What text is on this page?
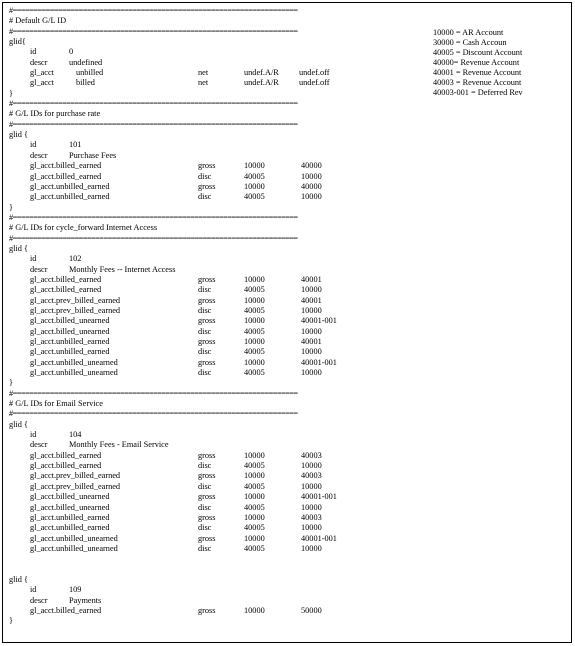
#=====================================================================
# Default G/L ID
#=====================================================================
glid{
id	0
descr	undefined
gl_acct	unbilled	net	undef.A/R undef.off
gl_acct	billed	net	undef.A/R undef.off
}
#=====================================================================
# G/L IDs for purchase rate
#=====================================================================
glid {
id	101
descr	Purchase Fees
gl_acct.billed_earned	gross	10000	40000
gl_acct.billed_earned	disc	40005	10000
gl_acct.unbilled_earned	gross	10000	40000
gl_acct.unbilled_earned	disc	40005	10000
}
#=====================================================================
# G/L IDs for cycle_forward Internet Access
#=====================================================================
glid {
id	102
descr	Monthly Fees -- Internet Access
gl_acct.billed_earned	gross	10000	40001
gl_acct.billed_earned	disc	40005	10000
gl_acct.prev_billed_earned	gross	10000	40001
gl_acct.prev_billed_earned	disc	40005	10000
gl_acct.billed_unearned	gross	10000	40001-001
gl_acct.billed_unearned	disc	40005	10000
gl_acct.unbilled_earned	gross	10000	40001
gl_acct.unbilled_earned	disc	40005	10000
gl_acct.unbilled_unearned	gross	10000	40001-001
gl_acct.unbilled_unearned	disc	40005	10000
}
#=====================================================================
# G/L IDs for Email Service
#=====================================================================
glid {
id	104
descr	Monthly Fees - Email Service
gl_acct.billed_earned	gross	10000	40003
gl_acct.billed_earned	disc	40005	10000
gl_acct.prev_billed_earned	gross	10000	40003
gl_acct.prev_billed_earned	disc	40005	10000
gl_acct.billed_unearned	gross	10000	40001-001
gl_acct.billed_unearned	disc	40005	10000
gl_acct.unbilled_earned	gross	10000	40003
gl_acct.unbilled_earned	disc	40005	10000
gl_acct.unbilled_unearned	gross	10000	40001-001
gl_acct.unbilled_unearned	disc	40005	10000
glid {
id	109
descr	Payments
gl_acct.billed_earned	gross	10000	50000
}
10000 = AR Account
30000 = Cash Accoun
40005 = Discount Account
40000= Revenue Account
40001 = Revenue Account
40003 = Revenue Account
40003-001 = Deferred Rev
